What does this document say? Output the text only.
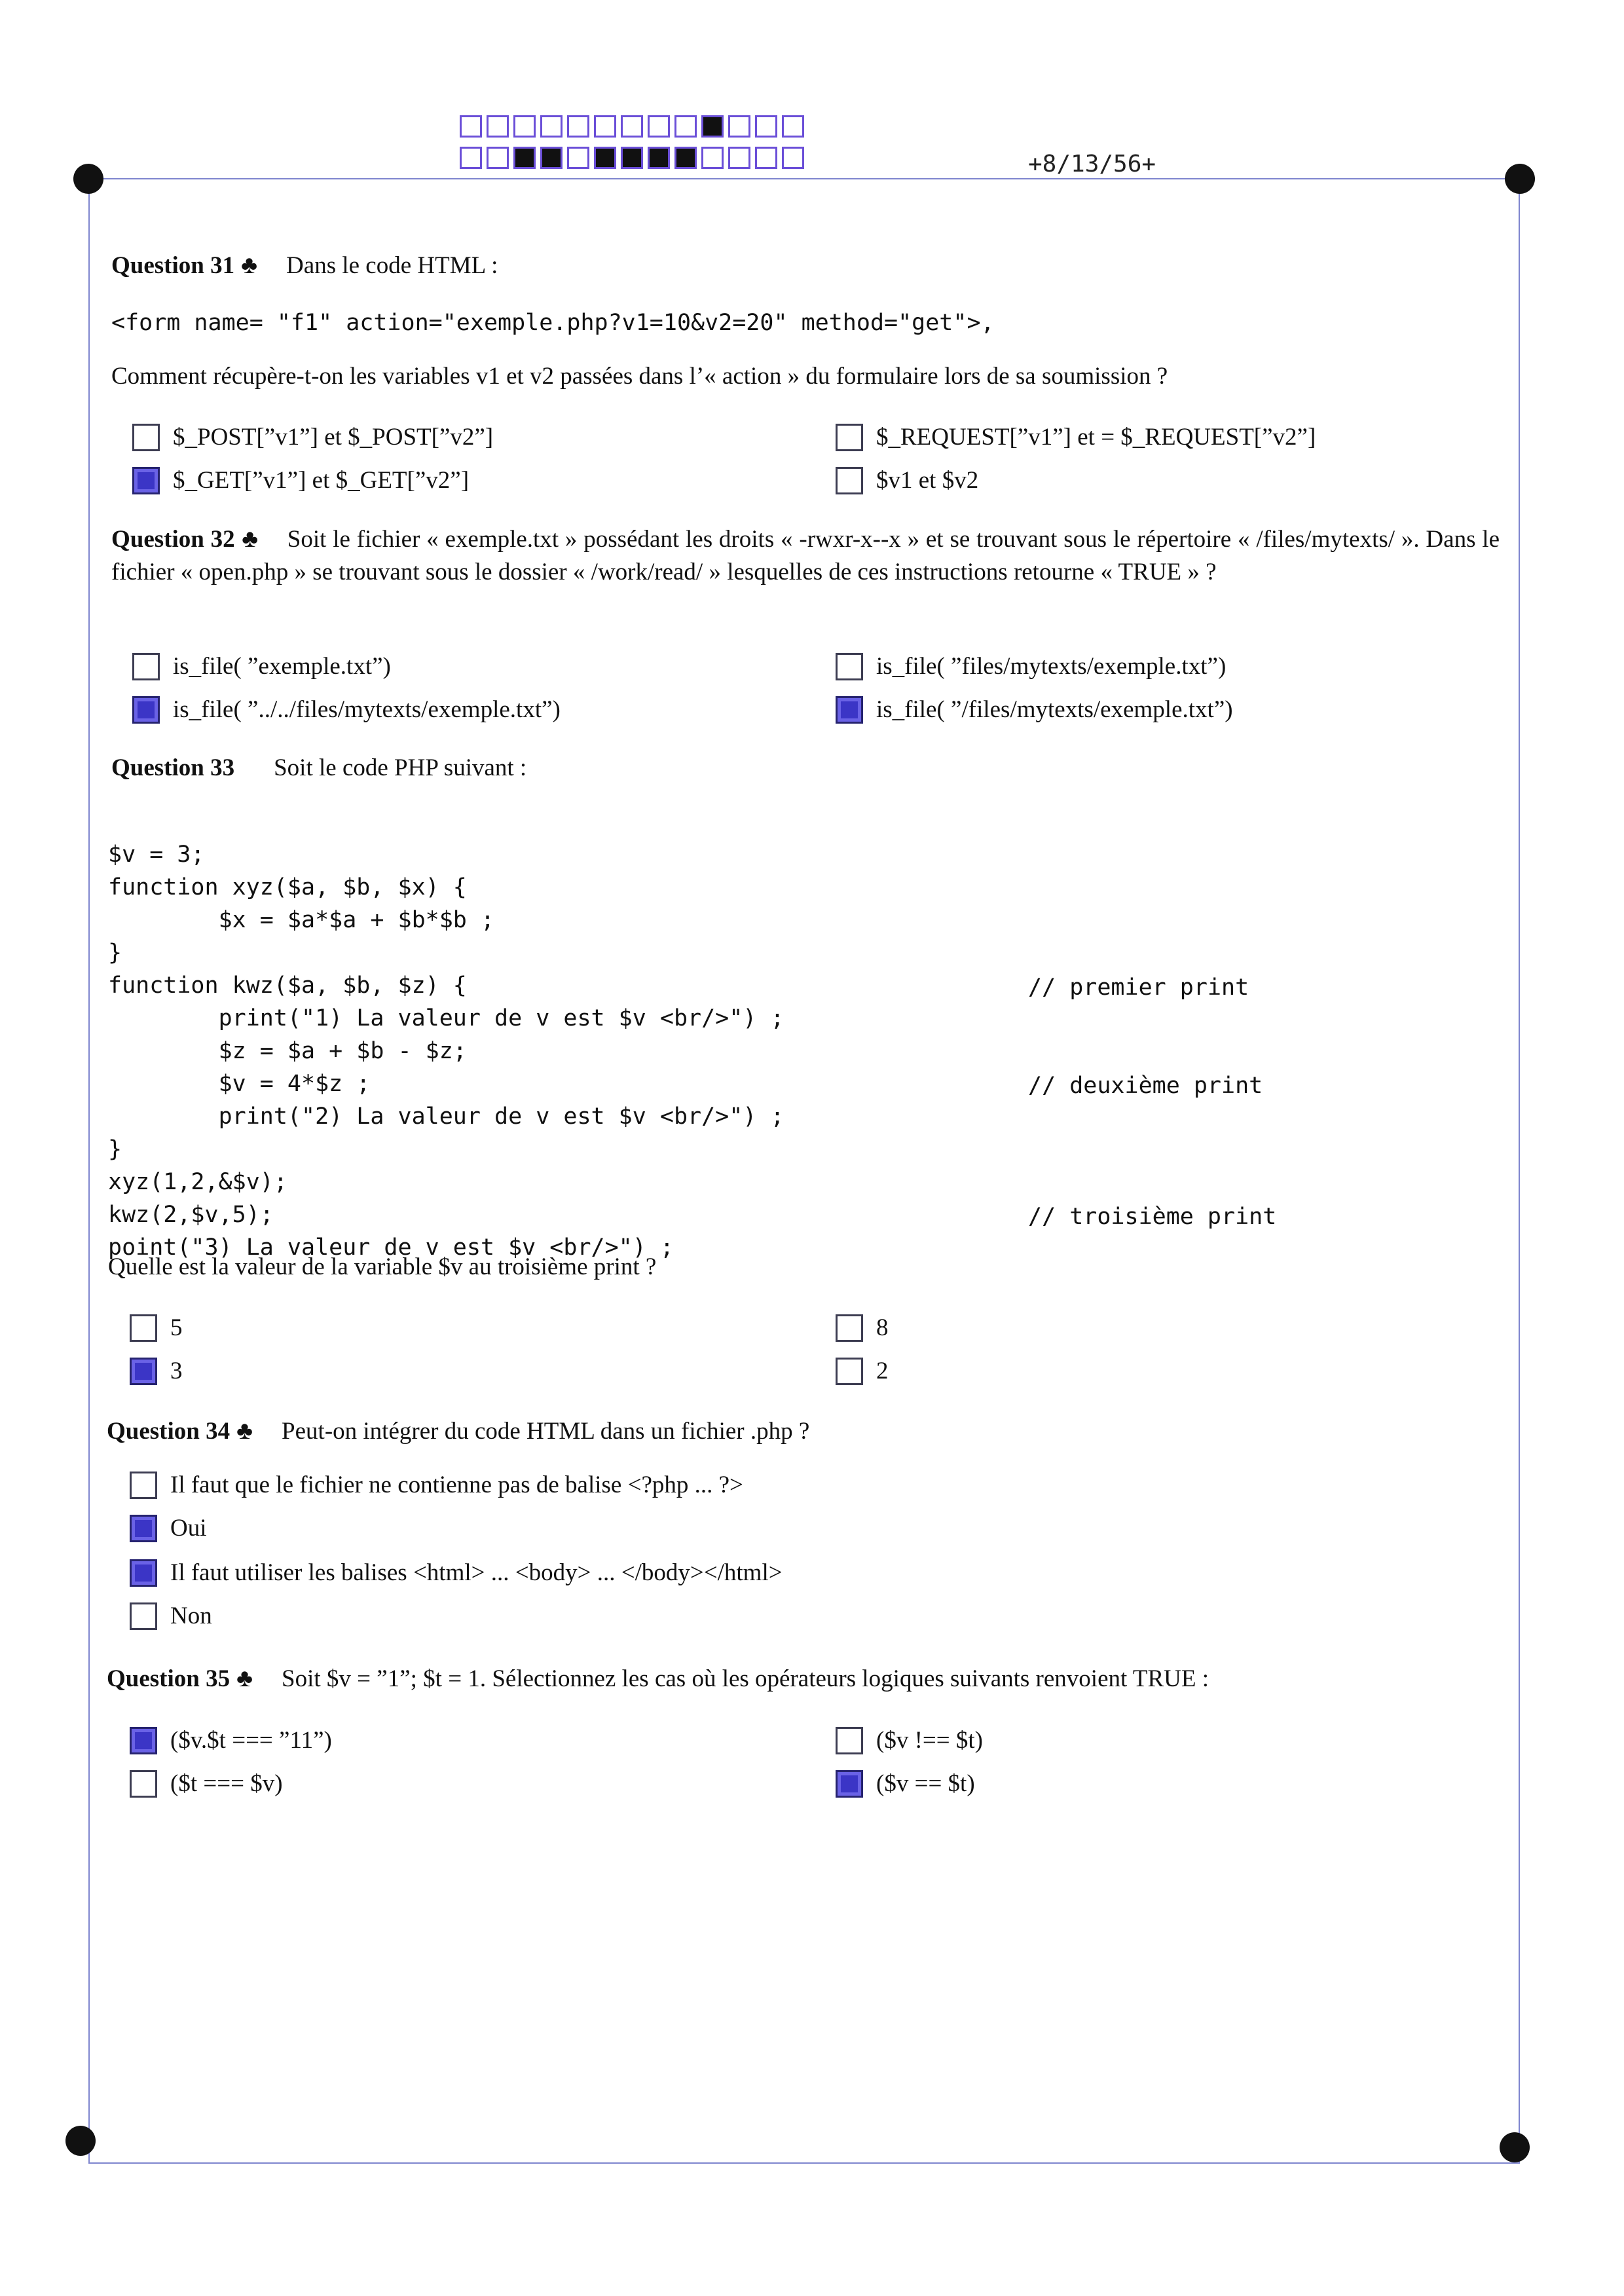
+8/13/56+
Question 31 ♣ Dans le code HTML :
<form name= "f1" action="exemple.php?v1=10&v2=20" method="get">,
Comment récupère-t-on les variables v1 et v2 passées dans l’« action » du formulaire lors de sa soumission ?
$_POST[”v1”] et $_POST[”v2”]	$_REQUEST[”v1”] et = $_REQUEST[”v2”]
$_GET[”v1”] et $_GET[”v2”]	$v1 et $v2
Question 32 ♣ Soit le fichier « exemple.txt » possédant les droits « -rwxr-x--x » et se trouvant sous le répertoire « /files/mytexts/ ». Dans le fichier « open.php » se trouvant sous le dossier « /work/read/ » lesquelles de ces instructions retourne « TRUE » ?
is_file( ”exemple.txt”)	is_file( ”files/mytexts/exemple.txt”)
is_file( ”../../files/mytexts/exemple.txt”)	is_file( ”/files/mytexts/exemple.txt”)
Question 33 Soit le code PHP suivant :

$v = 3;
function xyz($a, $b, $x) {
$x = $a*$a + $b*$b ;
}
function kwz($a, $b, $z) {
print("1) La valeur de v est $v <br/>") ;
$z = $a + $b - $z;
$v = 4*$z ;
print("2) La valeur de v est $v <br/>") ;
}
xyz(1,2,&$v);
kwz(2,$v,5);
point("3) La valeur de v est $v <br/>") ;

// premier print
// deuxième print
// troisième print
Quelle est la valeur de la variable $v au troisième print ?
5	8
3	2
Question 34 ♣ Peut-on intégrer du code HTML dans un fichier .php ?
Il faut que le fichier ne contienne pas de balise <?php ... ?>
Oui
Il faut utiliser les balises <html> ... <body> ... </body></html>
Non
Question 35 ♣ Soit $v = ”1”; $t = 1. Sélectionnez les cas où les opérateurs logiques suivants renvoient TRUE :
($v.$t === ”11”)	($v !== $t)
($t === $v)	($v == $t)
